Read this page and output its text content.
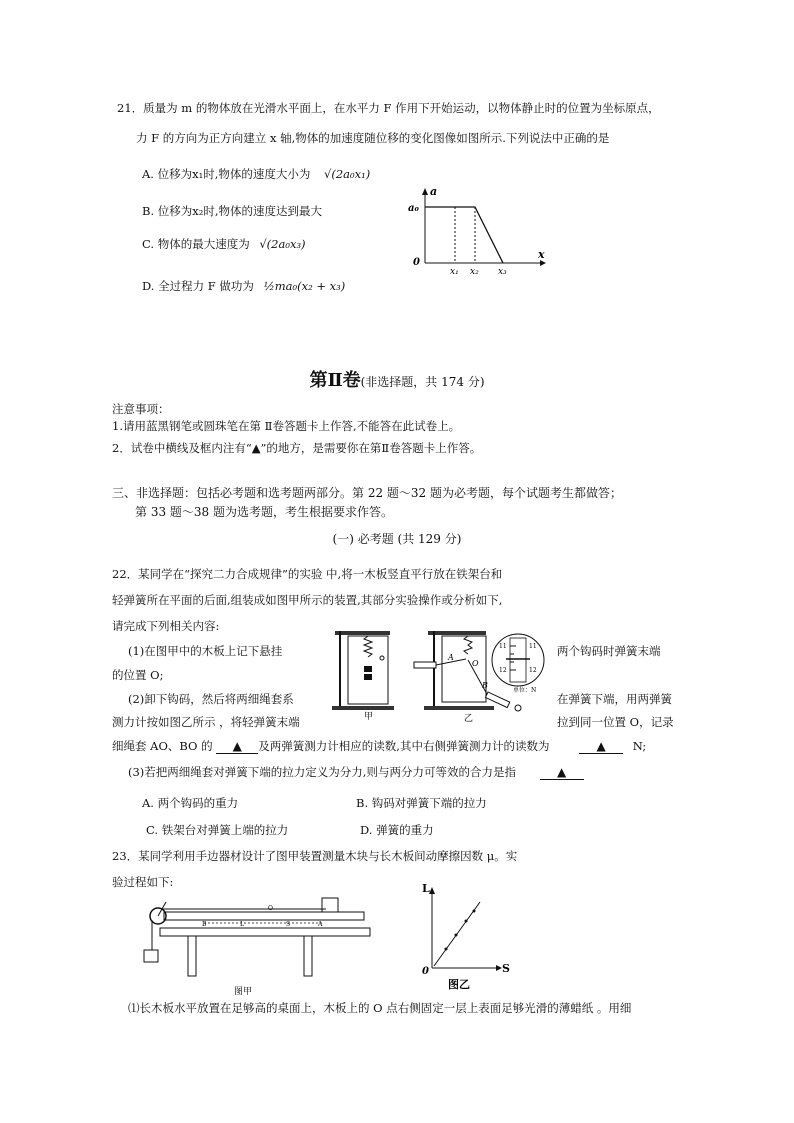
21．质量为 m 的物体放在光滑水平面上，在水平力 F 作用下开始运动，以物体静止时的位置为坐标原点，
力 F 的方向为正方向建立 x 轴,物体的加速度随位移的变化图像如图所示.下列说法中正确的是
A. 位移为x₁时,物体的速度大小为 √(2a₀x₁)
B. 位移为x₂时,物体的速度达到最大
C. 物体的最大速度为 √(2a₀x₃)
D. 全过程力 F 做功为 ½ma₀(x₂ + x₃)
a
a₀
0
x
x₁ x₂ x₃
第Ⅱ卷(非选择题，共 174 分)
注意事项：
1.请用蓝黑钢笔或圆珠笔在第 Ⅱ卷答题卡上作答,不能答在此试卷上。
2．试卷中横线及框内注有“▲”的地方，是需要你在第Ⅱ卷答题卡上作答。
三、非选择题：包括必考题和选考题两部分。第 22 题～32 题为必考题，每个试题考生都做答；
第 33 题～38 题为选考题，考生根据要求作答。
(一) 必考题 (共 129 分)
22．某同学在“探究二力合成规律”的实验 中,将一木板竖直平行放在铁架台和
轻弹簧所在平面的后面,组装成如图甲所示的装置,其部分实验操作或分析如下,
请完成下列相关内容:
(1)在图甲中的木板上记下悬挂	两个钩码时弹簧末端
的位置 O;
(2)卸下钩码，然后将两细绳套系	在弹簧下端，用两弹簧
测力计按如图乙所示 ，将轻弹簧末端	拉到同一位置 O，记录
细绳套 AO、BO 的 ▲ 及两弹簧测力计相应的读数,其中右侧弹簧测力计的读数为	▲ N;
(3)若把两细绳套对弹簧下端的拉力定义为分力,则与两分力可等效的合力是指	▲
A. 两个钩码的重力	B. 钩码对弹簧下端的拉力
C. 铁架台对弹簧上端的拉力	D. 弹簧的重力
甲
A
O
B
11	11
12	12
单位：N
乙
23．某同学利用手边器材设计了图甲装置测量木块与长木板间动摩擦因数 μ。实
验过程如下:
B	L
O
S	A
图甲
L
S
0
图乙
⑴长木板水平放置在足够高的桌面上，木板上的 O 点右侧固定一层上表面足够光滑的薄蜡纸 。用细
